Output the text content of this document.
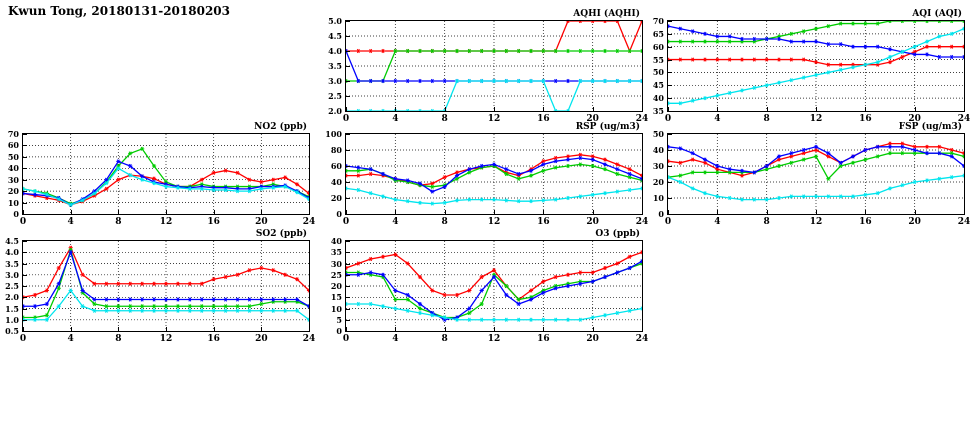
Kwun Tong, 20180131-20180203	AQHI (AQHI)
2.0
2.5
3.0
3.5
4.0
4.5
5.0
0	4	8	12	16	20	24
AQI (AQI)
35
40
45
50
55
60
65
70
0	4	8	12	16	20	24
NO2 (ppb)
0
10
20
30
40
50
60
70
0	4	8	12	16	20	24
RSP (ug/m3)
0
20
40
60
80
100
0	4	8	12	16	20	24
FSP (ug/m3)
0
10
20
30
40
50
0	4	8	12	16	20	24
SO2 (ppb)
0.5
1.0
1.5
2.0
2.5
3.0
3.5
4.0
4.5
0	4	8	12	16	20	24
O3 (ppb)
0
5
10
15
20
25
30
35
40
0	4	8	12	16	20	24
